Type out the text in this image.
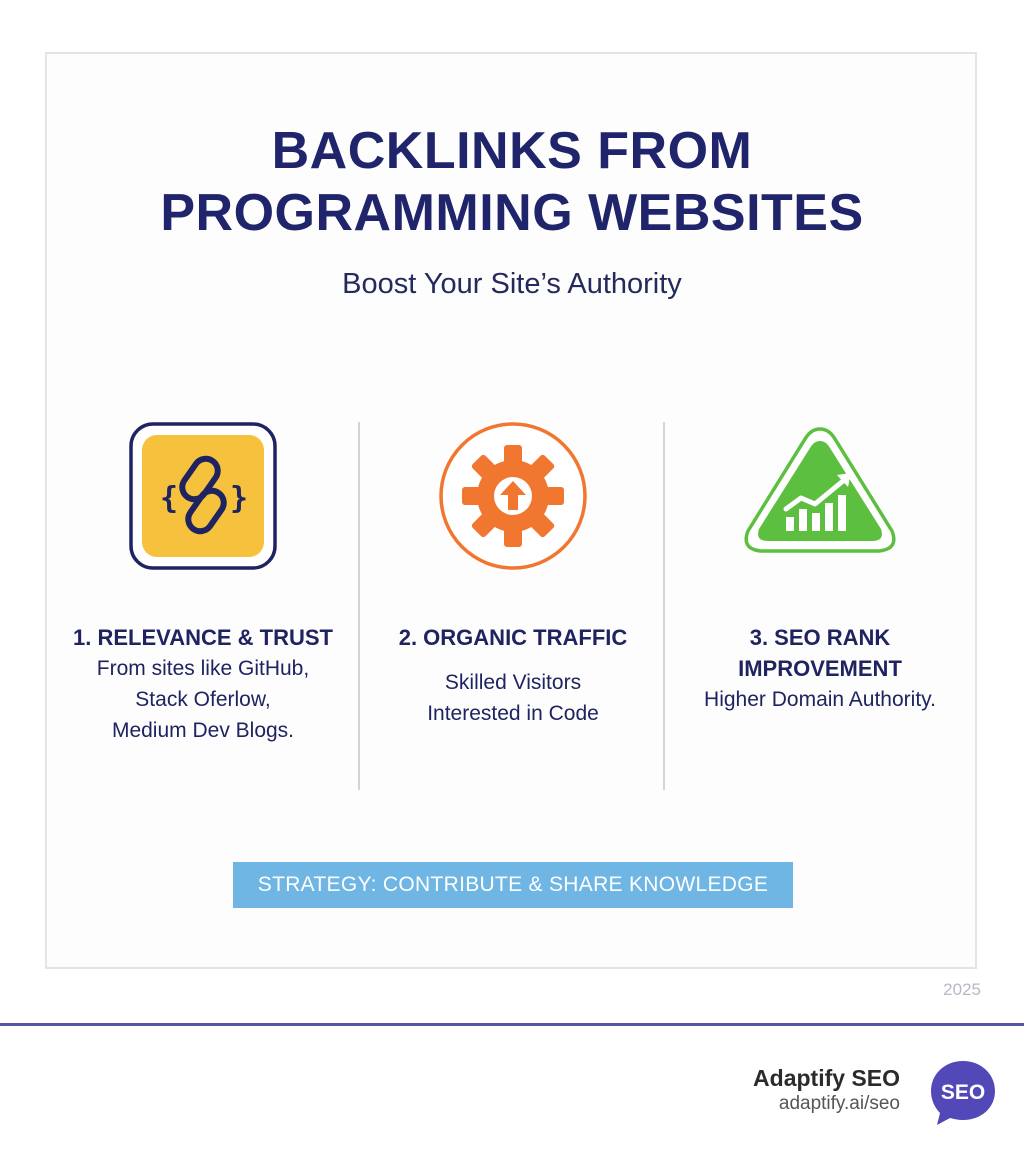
BACKLINKS FROM
PROGRAMMING WEBSITES

Boost Your Site’s Authority

{ }

1. RELEVANCE & TRUST

From sites like GitHub,

Stack Oferlow,

Medium Dev Blogs.

2. ORGANIC TRAFFIC

Skilled Visitors

Interested in Code

3. SEO RANK

IMPROVEMENT

Higher Domain Authority.

STRATEGY: CONTRIBUTE & SHARE KNOWLEDGE
2025
Adaptify SEO
adaptify.ai/seo SEO
